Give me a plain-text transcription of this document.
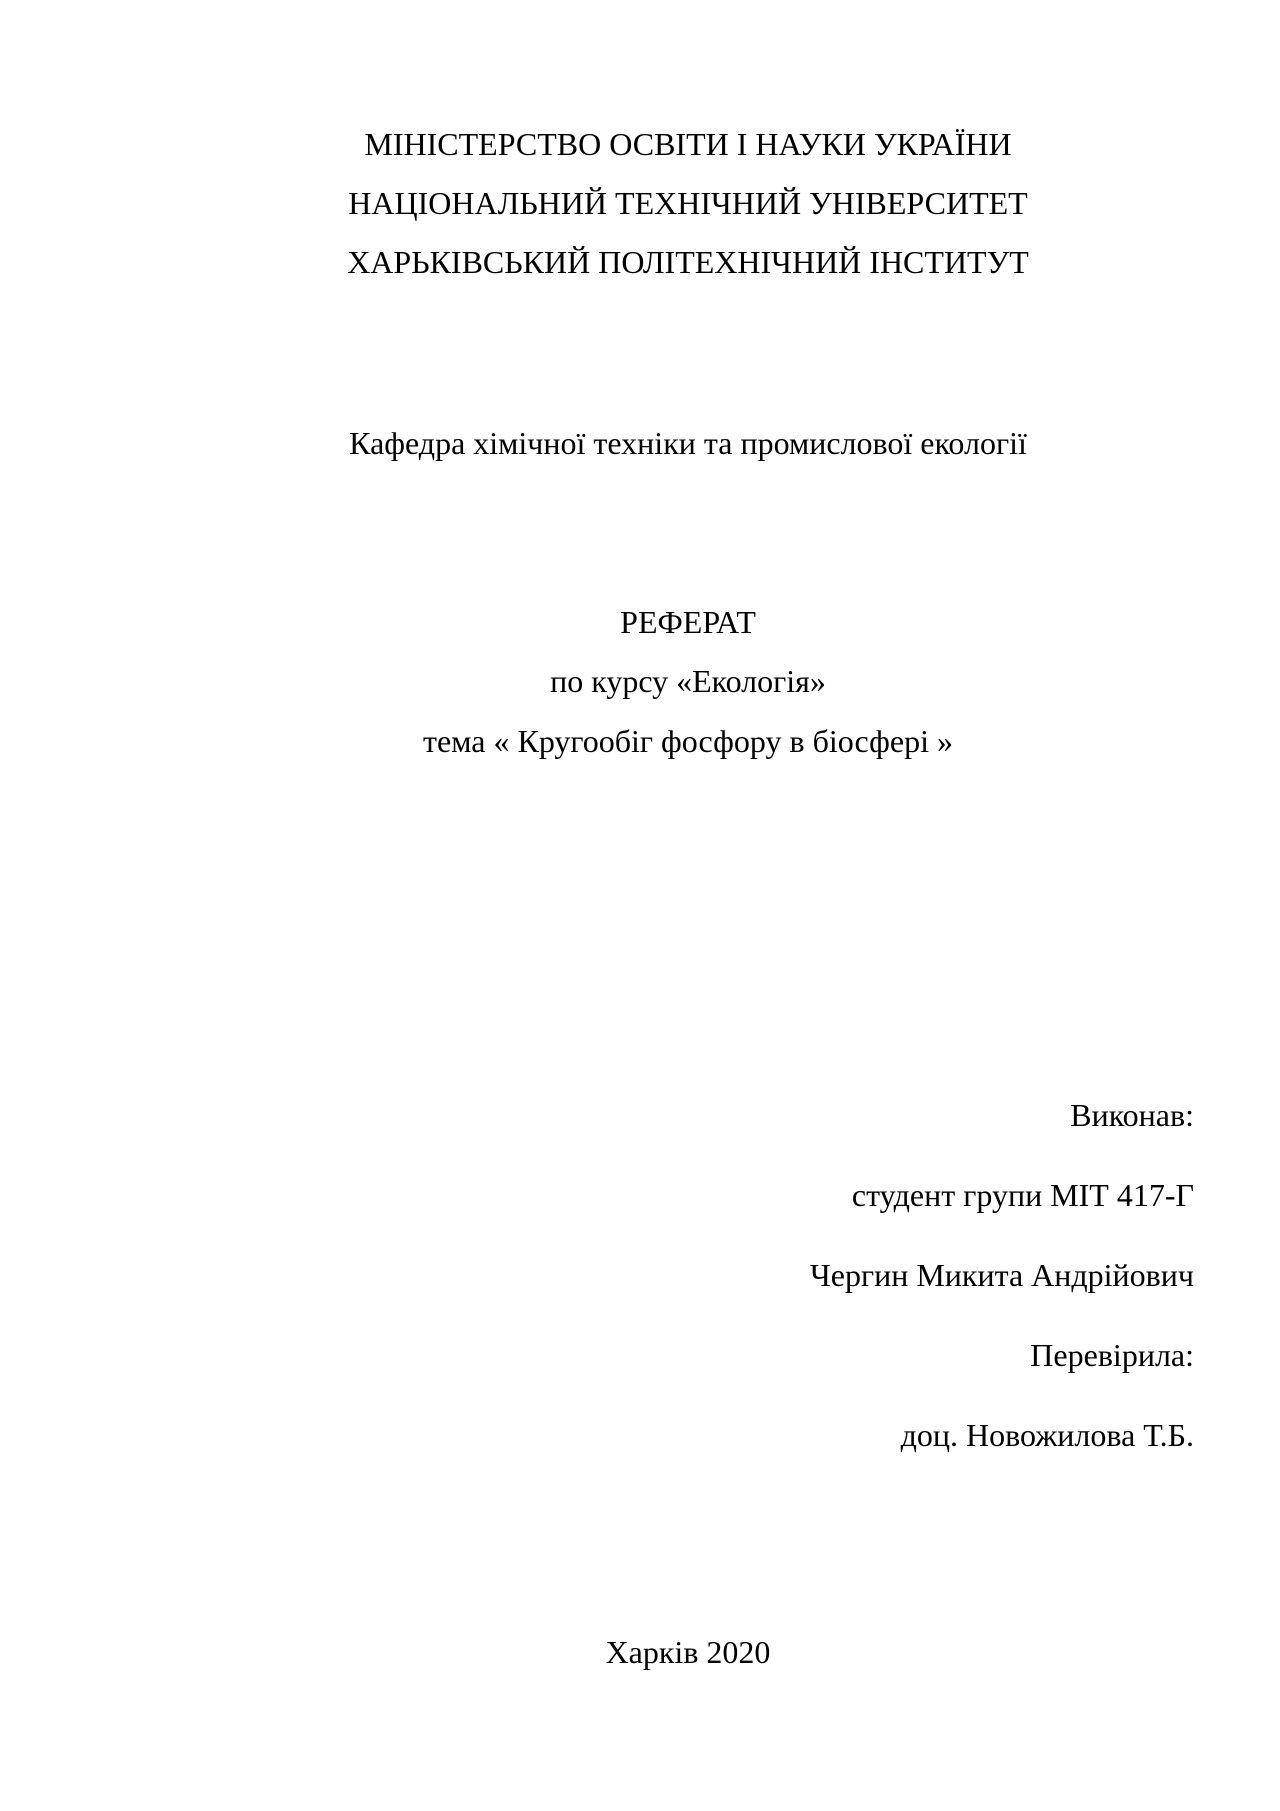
МІНІСТЕРСТВО ОСВІТИ І НАУКИ УКРАЇНИ
НАЦІОНАЛЬНИЙ ТЕХНІЧНИЙ УНІВЕРСИТЕТ
ХАРЬКІВСЬКИЙ ПОЛІТЕХНІЧНИЙ ІНСТИТУТ
Кафедра хімічної техніки та промислової екології
РЕФЕРАТ
по курсу «Екологія»
тема « Кругообіг фосфору в біосфері »
Виконав:
студент групи МІТ 417-Г
Чергин Микита Андрійович
Перевірила:
доц. Новожилова Т.Б.
Харків 2020
